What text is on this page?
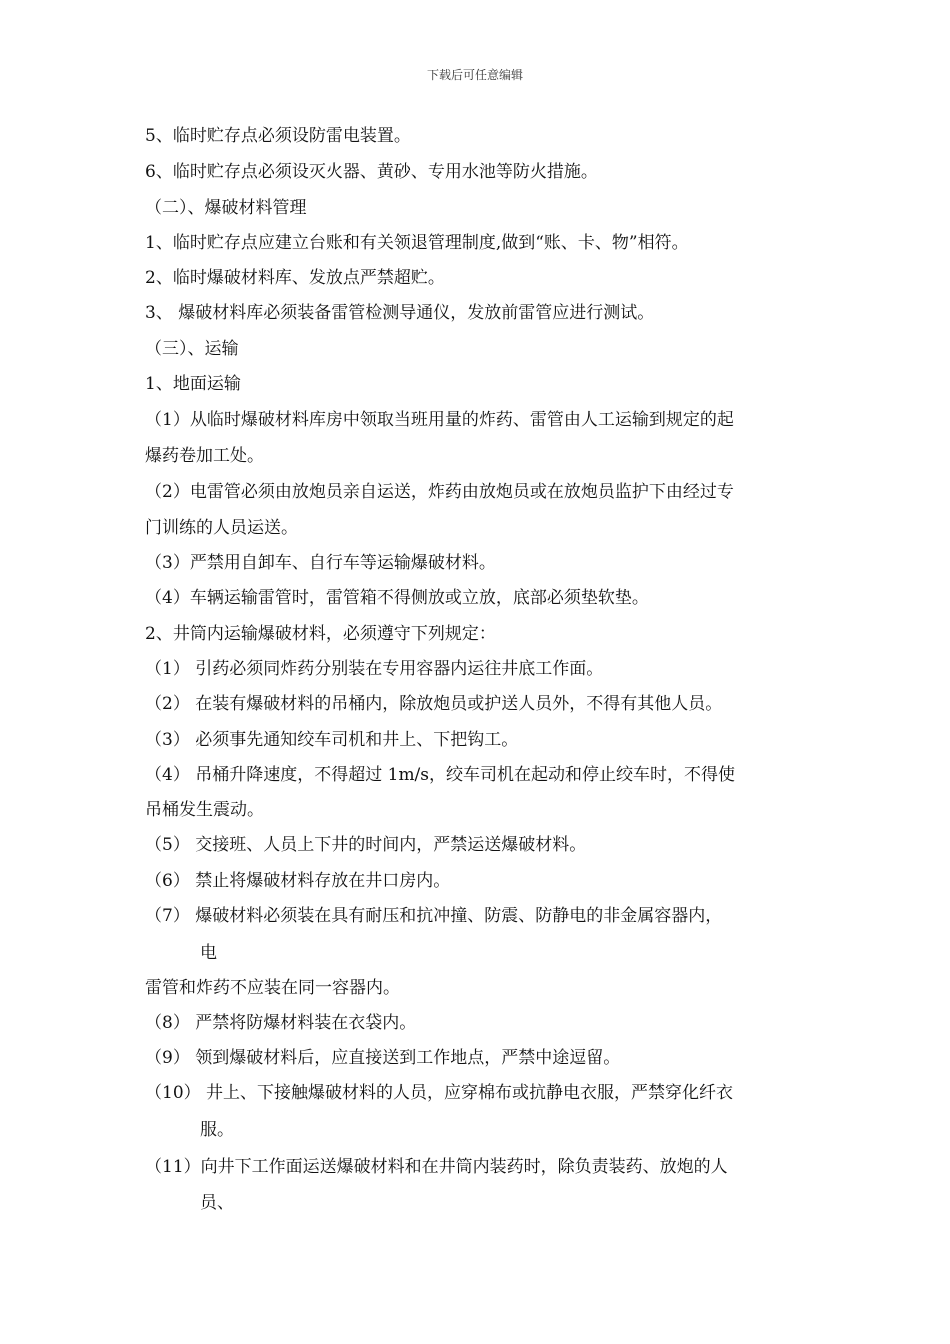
下载后可任意编辑
5、临时贮存点必须设防雷电装置。
6、临时贮存点必须设灭火器、黄砂、专用水池等防火措施。
（二）、爆破材料管理
1、临时贮存点应建立台账和有关领退管理制度,做到“账、卡、物”相符。
2、临时爆破材料库、发放点严禁超贮。
3、 爆破材料库必须装备雷管检测导通仪，发放前雷管应进行测试。
（三）、运输
1、地面运输
（1）从临时爆破材料库房中领取当班用量的炸药、雷管由人工运输到规定的起
爆药卷加工处。
（2）电雷管必须由放炮员亲自运送，炸药由放炮员或在放炮员监护下由经过专
门训练的人员运送。
（3）严禁用自卸车、自行车等运输爆破材料。
（4）车辆运输雷管时，雷管箱不得侧放或立放，底部必须垫软垫。
2、井筒内运输爆破材料，必须遵守下列规定：
（1） 引药必须同炸药分别装在专用容器内运往井底工作面。
（2） 在装有爆破材料的吊桶内，除放炮员或护送人员外，不得有其他人员。
（3） 必须事先通知绞车司机和井上、下把钩工。
（4） 吊桶升降速度，不得超过 1m/s，绞车司机在起动和停止绞车时，不得使
吊桶发生震动。
（5） 交接班、人员上下井的时间内，严禁运送爆破材料。
（6） 禁止将爆破材料存放在井口房内。
（7） 爆破材料必须装在具有耐压和抗冲撞、防震、防静电的非金属容器内，
电
雷管和炸药不应装在同一容器内。
（8） 严禁将防爆材料装在衣袋内。
（9） 领到爆破材料后，应直接送到工作地点，严禁中途逗留。
（10） 井上、下接触爆破材料的人员，应穿棉布或抗静电衣服，严禁穿化纤衣
服。
（11）向井下工作面运送爆破材料和在井筒内装药时，除负责装药、放炮的人
员、
